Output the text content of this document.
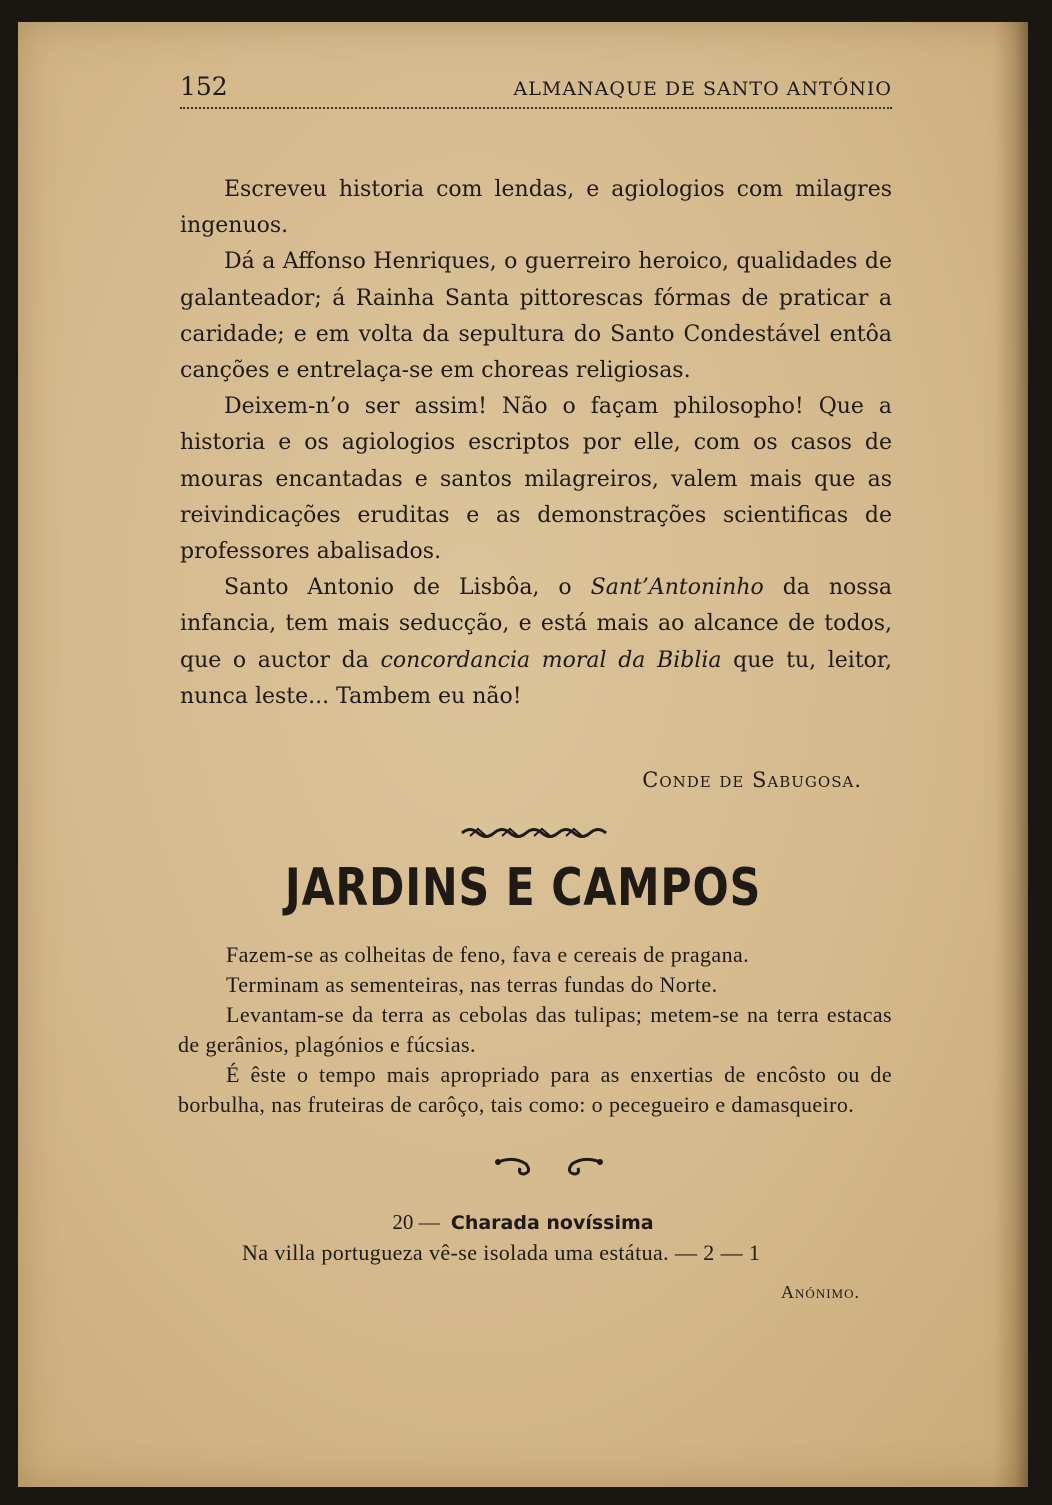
152	ALMANAQUE DE SANTO ANTÓNIO

Escreveu historia com lendas, e agiologios com milagres ingenuos.

Dá a Affonso Henriques, o guerreiro heroico, qualidades de galanteador; á Rainha Santa pittorescas fórmas de praticar a caridade; e em volta da sepultura do Santo Condestável entôa canções e entrelaça-se em choreas religiosas.

Deixem-n’o ser assim! Não o façam philosopho! Que a historia e os agiologios escriptos por elle, com os casos de mouras encantadas e santos milagreiros, valem mais que as reivindicações eruditas e as demonstrações scientificas de professores abalisados.

Santo Antonio de Lisbôa, o Sant’Antoninho da nossa infancia, tem mais seducção, e está mais ao alcance de todos, que o auctor da concordancia moral da Biblia que tu, leitor, nunca leste... Tambem eu não!

Conde de Sabugosa.
JARDINS E CAMPOS

Fazem-se as colheitas de feno, fava e cereais de pragana.

Terminam as sementeiras, nas terras fundas do Norte.

Levantam-se da terra as cebolas das tulipas; metem-se na terra estacas de gerânios, plagónios e fúcsias.

É êste o tempo mais apropriado para as enxertias de encôsto ou de borbulha, nas fruteiras de carôço, tais como: o pecegueiro e damasqueiro.

20 — Charada novíssima
Na villa portugueza vê-se isolada uma estátua. — 2 — 1
Anónimo.
